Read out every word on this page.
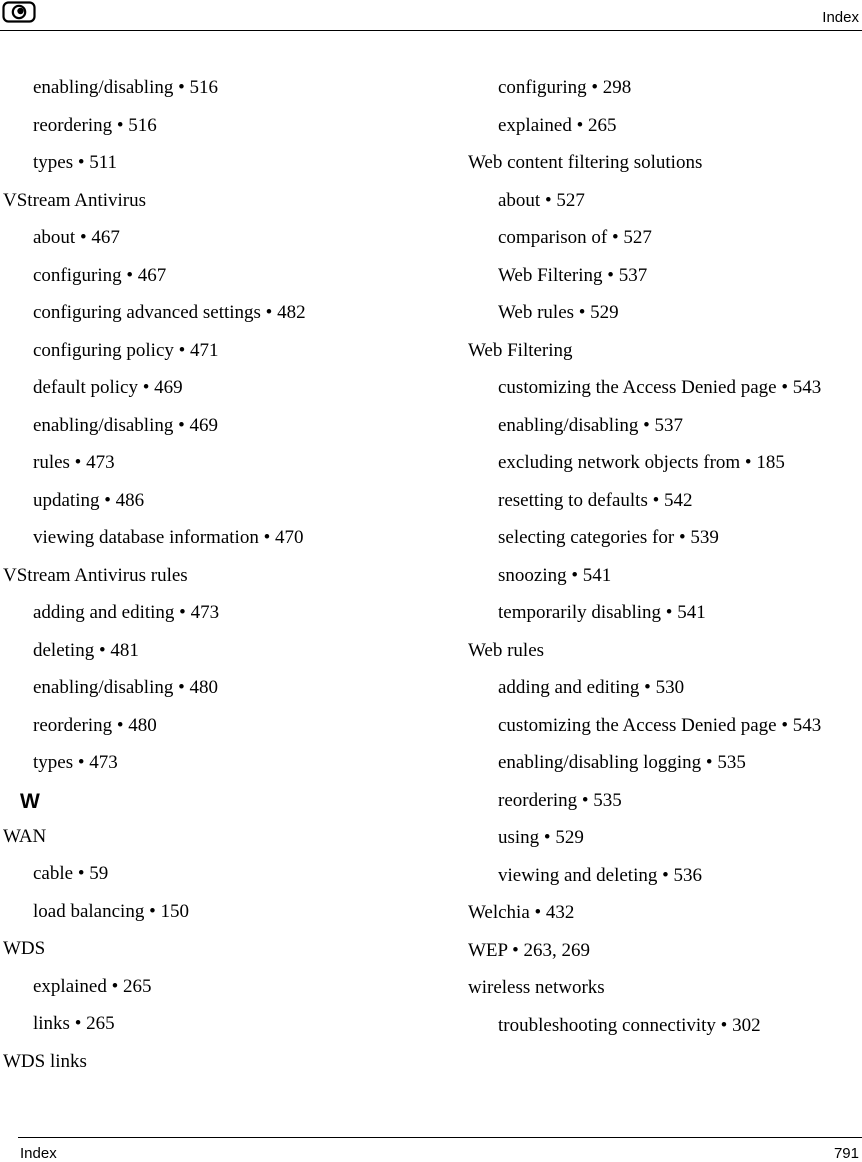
Index
enabling/disabling • 516
reordering • 516
types • 511
VStream Antivirus
about • 467
configuring • 467
configuring advanced settings • 482
configuring policy • 471
default policy • 469
enabling/disabling • 469
rules • 473
updating • 486
viewing database information • 470
VStream Antivirus rules
adding and editing • 473
deleting • 481
enabling/disabling • 480
reordering • 480
types • 473
W
WAN
cable • 59
load balancing • 150
WDS
explained • 265
links • 265
WDS links
configuring • 298
explained • 265
Web content filtering solutions
about • 527
comparison of • 527
Web Filtering • 537
Web rules • 529
Web Filtering
customizing the Access Denied page • 543
enabling/disabling • 537
excluding network objects from • 185
resetting to defaults • 542
selecting categories for • 539
snoozing • 541
temporarily disabling • 541
Web rules
adding and editing • 530
customizing the Access Denied page • 543
enabling/disabling logging • 535
reordering • 535
using • 529
viewing and deleting • 536
Welchia • 432
WEP • 263, 269
wireless networks
troubleshooting connectivity • 302
Index	791
